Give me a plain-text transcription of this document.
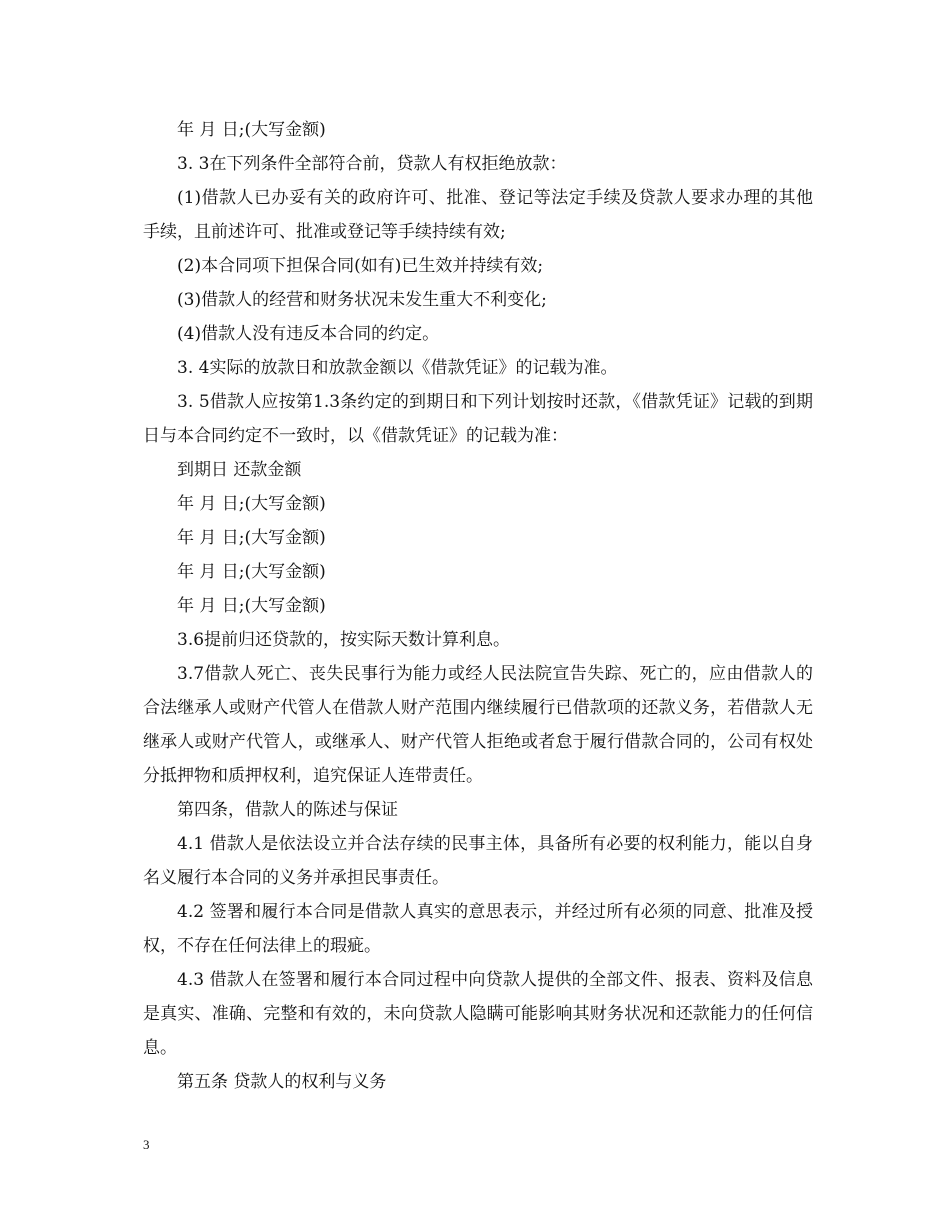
年 月 日;(大写金额)

3. 3在下列条件全部符合前，贷款人有权拒绝放款：

(1)借款人已办妥有关的政府许可、批准、登记等法定手续及贷款人要求办理的其他手续，且前述许可、批准或登记等手续持续有效;

(2)本合同项下担保合同(如有)已生效并持续有效;

(3)借款人的经营和财务状况未发生重大不利变化;

(4)借款人没有违反本合同的约定。

3. 4实际的放款日和放款金额以《借款凭证》的记载为准。

3. 5借款人应按第1.3条约定的到期日和下列计划按时还款，《借款凭证》记载的到期日与本合同约定不一致时，以《借款凭证》的记载为准：

到期日 还款金额

年 月 日;(大写金额)

年 月 日;(大写金额)

年 月 日;(大写金额)

年 月 日;(大写金额)

3.6提前归还贷款的，按实际天数计算利息。

3.7借款人死亡、丧失民事行为能力或经人民法院宣告失踪、死亡的，应由借款人的合法继承人或财产代管人在借款人财产范围内继续履行已借款项的还款义务，若借款人无继承人或财产代管人，或继承人、财产代管人拒绝或者怠于履行借款合同的，公司有权处分抵押物和质押权利，追究保证人连带责任。

第四条，借款人的陈述与保证

4.1 借款人是依法设立并合法存续的民事主体，具备所有必要的权利能力，能以自身名义履行本合同的义务并承担民事责任。

4.2 签署和履行本合同是借款人真实的意思表示，并经过所有必须的同意、批准及授权，不存在任何法律上的瑕疵。

4.3 借款人在签署和履行本合同过程中向贷款人提供的全部文件、报表、资料及信息是真实、准确、完整和有效的，未向贷款人隐瞒可能影响其财务状况和还款能力的任何信息。

第五条 贷款人的权利与义务

3
